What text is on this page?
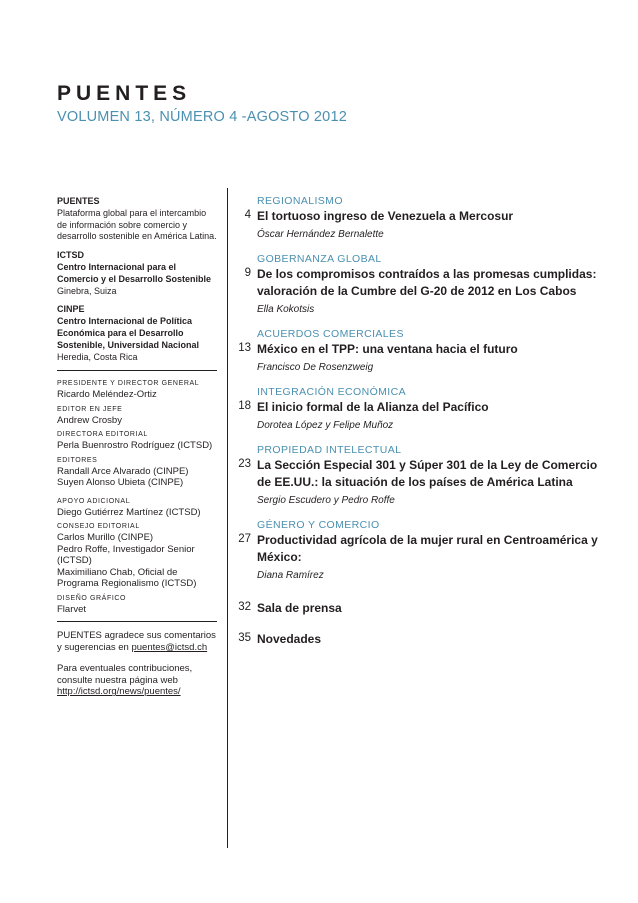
PUENTES
VOLUMEN 13, NÚMERO 4 -AGOSTO 2012
PUENTES
Plataforma global para el intercambio de información sobre comercio y desarrollo sostenible en América Latina.
ICTSD
Centro Internacional para el Comercio y el Desarrollo Sostenible
Ginebra, Suiza
CINPE
Centro Internacional de Política Económica para el Desarrollo Sostenible, Universidad Nacional
Heredia, Costa Rica
PRESIDENTE Y DIRECTOR GENERAL
Ricardo Meléndez-Ortiz
EDITOR EN JEFE
Andrew Crosby
DIRECTORA EDITORIAL
Perla Buenrostro Rodríguez (ICTSD)
EDITORES
Randall Arce Alvarado (CINPE)
Suyen Alonso Ubieta (CINPE)
APOYO ADICIONAL
Diego Gutiérrez Martínez (ICTSD)
CONSEJO EDITORIAL
Carlos Murillo (CINPE)
Pedro Roffe, Investigador Senior (ICTSD)
Maximiliano Chab, Oficial de Programa Regionalismo (ICTSD)
DISEÑO GRÁFICO
Flarvet
PUENTES agradece sus comentarios y sugerencias en puentes@ictsd.ch
Para eventuales contribuciones, consulte nuestra página web
http://ictsd.org/news/puentes/
REGIONALISMO
4 El tortuoso ingreso de Venezuela a Mercosur
Óscar Hernández Bernalette
GOBERNANZA GLOBAL
9 De los compromisos contraídos a las promesas cumplidas: valoración de la Cumbre del G-20 de 2012 en Los Cabos
Ella Kokotsis
ACUERDOS COMERCIALES
13 México en el TPP: una ventana hacia el futuro
Francisco De Rosenzweig
INTEGRACIÓN ECONÓMICA
18 El inicio formal de la Alianza del Pacífico
Dorotea López y Felipe Muñoz
PROPIEDAD INTELECTUAL
23 La Sección Especial 301 y Súper 301 de la Ley de Comercio de EE.UU.: la situación de los países de América Latina
Sergio Escudero y Pedro Roffe
GÉNERO Y COMERCIO
27 Productividad agrícola de la mujer rural en Centroamérica y México:
Diana Ramírez
32 Sala de prensa
35 Novedades
